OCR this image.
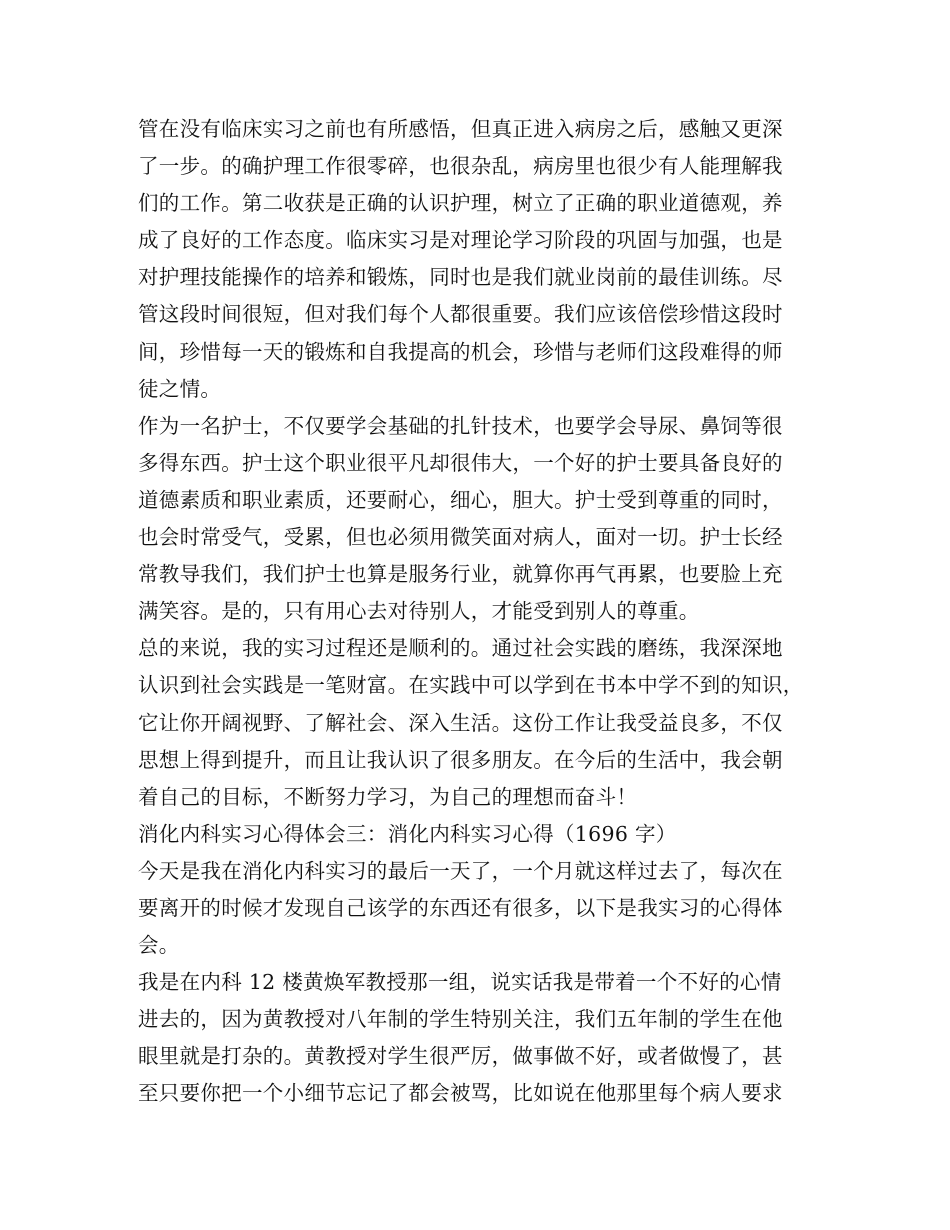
管在没有临床实习之前也有所感悟，但真正进入病房之后，感触又更深
了一步。的确护理工作很零碎，也很杂乱，病房里也很少有人能理解我
们的工作。第二收获是正确的认识护理，树立了正确的职业道德观，养
成了良好的工作态度。临床实习是对理论学习阶段的巩固与加强，也是
对护理技能操作的培养和锻炼，同时也是我们就业岗前的最佳训练。尽
管这段时间很短，但对我们每个人都很重要。我们应该倍偿珍惜这段时
间，珍惜每一天的锻炼和自我提高的机会，珍惜与老师们这段难得的师
徒之情。
作为一名护士，不仅要学会基础的扎针技术，也要学会导尿、鼻饲等很
多得东西。护士这个职业很平凡却很伟大，一个好的护士要具备良好的
道德素质和职业素质，还要耐心，细心，胆大。护士受到尊重的同时，
也会时常受气，受累，但也必须用微笑面对病人，面对一切。护士长经
常教导我们，我们护士也算是服务行业，就算你再气再累，也要脸上充
满笑容。是的，只有用心去对待别人，才能受到别人的尊重。
总的来说，我的实习过程还是顺利的。通过社会实践的磨练，我深深地
认识到社会实践是一笔财富。在实践中可以学到在书本中学不到的知识，
它让你开阔视野、了解社会、深入生活。这份工作让我受益良多，不仅
思想上得到提升，而且让我认识了很多朋友。在今后的生活中，我会朝
着自己的目标，不断努力学习，为自己的理想而奋斗！
消化内科实习心得体会三：消化内科实习心得（1696 字）
今天是我在消化内科实习的最后一天了，一个月就这样过去了，每次在
要离开的时候才发现自己该学的东西还有很多，以下是我实习的心得体
会。
我是在内科 12 楼黄焕军教授那一组，说实话我是带着一个不好的心情
进去的，因为黄教授对八年制的学生特别关注，我们五年制的学生在他
眼里就是打杂的。黄教授对学生很严厉，做事做不好，或者做慢了，甚
至只要你把一个小细节忘记了都会被骂，比如说在他那里每个病人要求
